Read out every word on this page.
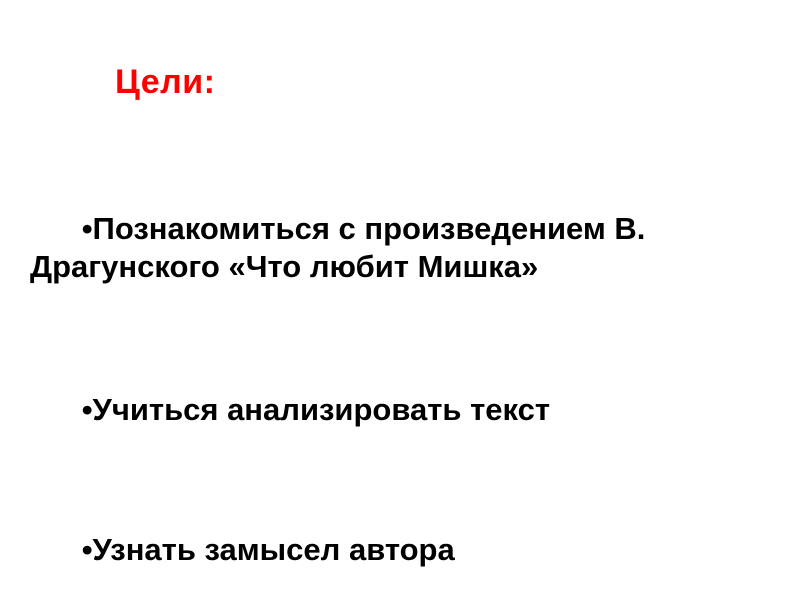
Цели:

•Познакомиться с произведением В. Драгунского «Что любит Мишка»

•Учиться анализировать текст

•Узнать замысел автора
